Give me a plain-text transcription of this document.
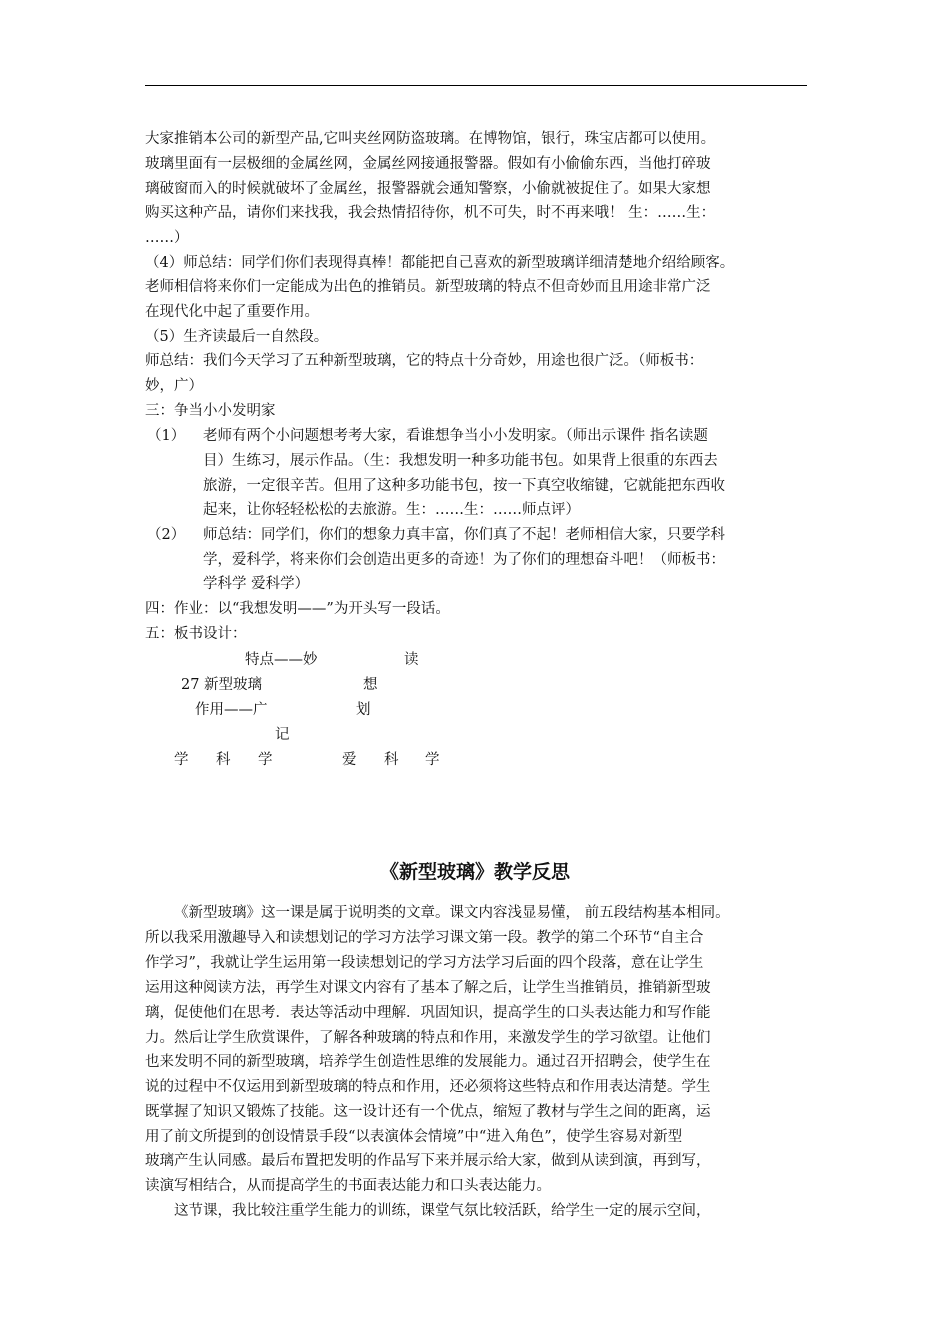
大家推销本公司的新型产品,它叫夹丝网防盗玻璃。在博物馆，银行，珠宝店都可以使用。
玻璃里面有一层极细的金属丝网，金属丝网接通报警器。假如有小偷偷东西，当他打碎玻
璃破窗而入的时候就破坏了金属丝，报警器就会通知警察，小偷就被捉住了。如果大家想
购买这种产品，请你们来找我，我会热情招待你，机不可失，时不再来哦！ 生：……生：
……）
（4）师总结：同学们你们表现得真棒！都能把自己喜欢的新型玻璃详细清楚地介绍给顾客。
老师相信将来你们一定能成为出色的推销员。新型玻璃的特点不但奇妙而且用途非常广泛
在现代化中起了重要作用。
（5）生齐读最后一自然段。
师总结：我们今天学习了五种新型玻璃，它的特点十分奇妙，用途也很广泛。（师板书：
妙，广）
三：争当小小发明家
（1） 老师有两个小问题想考考大家，看谁想争当小小发明家。（师出示课件 指名读题
目）生练习，展示作品。（生：我想发明一种多功能书包。如果背上很重的东西去
旅游，一定很辛苦。但用了这种多功能书包，按一下真空收缩键，它就能把东西收
起来，让你轻轻松松的去旅游。生：……生：……师点评）
（2） 师总结：同学们，你们的想象力真丰富，你们真了不起！老师相信大家，只要学科
学，爱科学，将来你们会创造出更多的奇迹！为了你们的理想奋斗吧！（师板书：
学科学 爱科学）
四：作业：以“我想发明——”为开头写一段话。
五：板书设计：
特点——妙	读
27 新型玻璃	想
作用——广	划
记
学 科 学	爱 科 学
《新型玻璃》教学反思
《新型玻璃》这一课是属于说明类的文章。课文内容浅显易懂， 前五段结构基本相同。
所以我采用激趣导入和读想划记的学习方法学习课文第一段。教学的第二个环节“自主合
作学习”，我就让学生运用第一段读想划记的学习方法学习后面的四个段落，意在让学生
运用这种阅读方法，再学生对课文内容有了基本了解之后，让学生当推销员，推销新型玻
璃，促使他们在思考．表达等活动中理解．巩固知识，提高学生的口头表达能力和写作能
力。然后让学生欣赏课件，了解各种玻璃的特点和作用，来激发学生的学习欲望。让他们
也来发明不同的新型玻璃，培养学生创造性思维的发展能力。通过召开招聘会，使学生在
说的过程中不仅运用到新型玻璃的特点和作用，还必须将这些特点和作用表达清楚。学生
既掌握了知识又锻炼了技能。这一设计还有一个优点，缩短了教材与学生之间的距离，运
用了前文所提到的创设情景手段“以表演体会情境”中“进入角色”，使学生容易对新型
玻璃产生认同感。最后布置把发明的作品写下来并展示给大家，做到从读到演，再到写，
读演写相结合，从而提高学生的书面表达能力和口头表达能力。
这节课，我比较注重学生能力的训练，课堂气氛比较活跃，给学生一定的展示空间，
